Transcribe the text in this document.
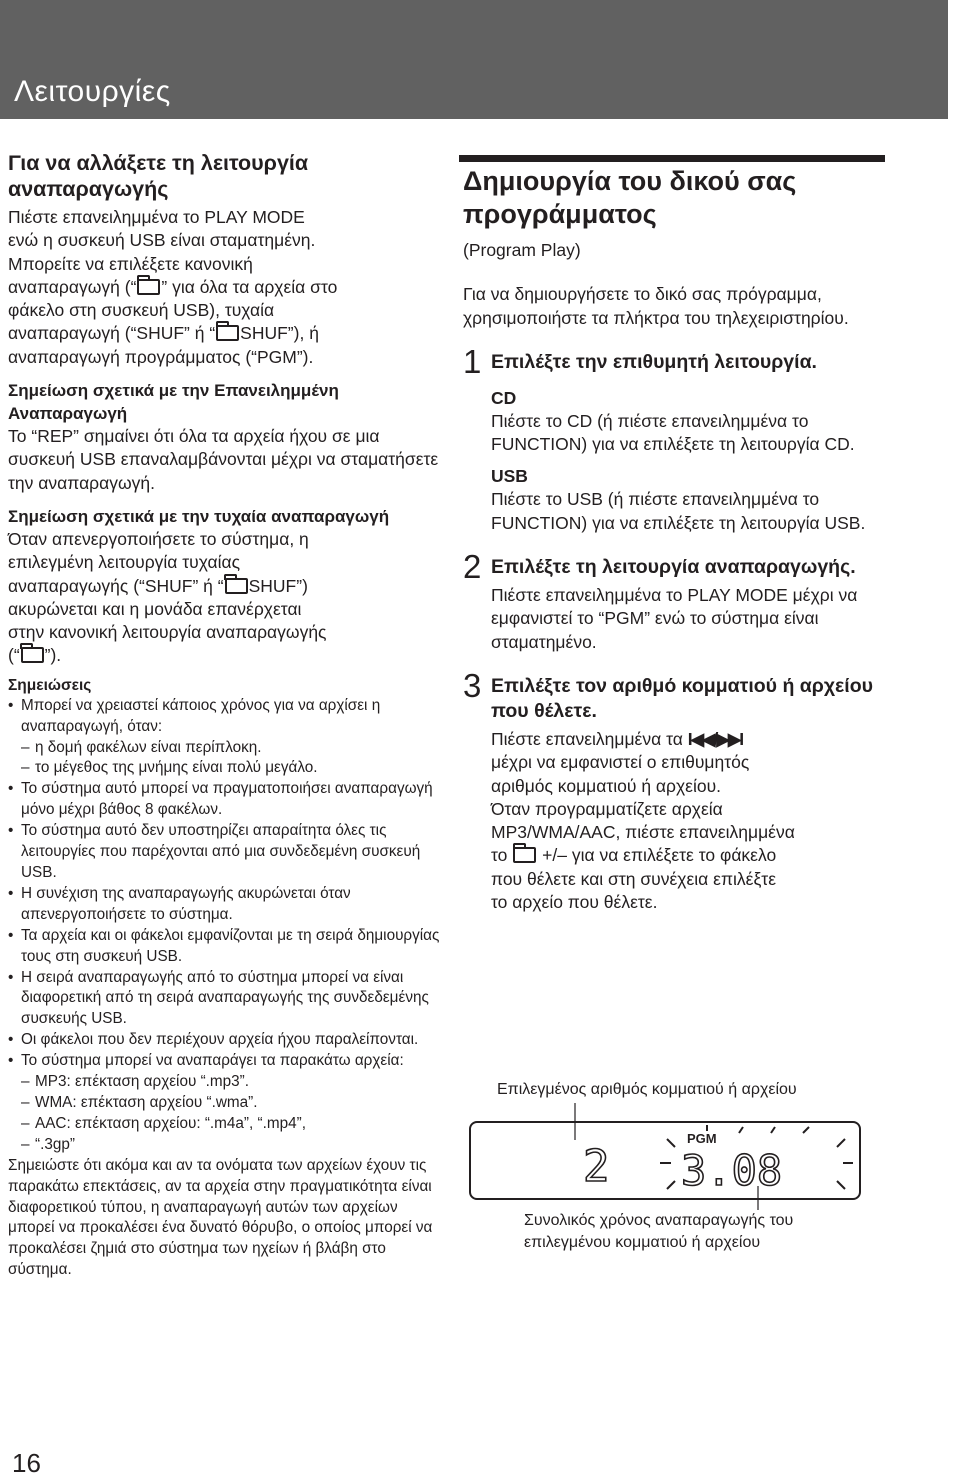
Λειτουργίες
Για να αλλάξετε τη λειτουργία αναπαραγωγής
Πιέστε επανειλημμένα το PLAY MODE
ενώ η συσκευή USB είναι σταματημένη.
Μπορείτε να επιλέξετε κανονική
αναπαραγωγή (“ ” για όλα τα αρχεία στο
φάκελο στη συσκευή USB), τυχαία
αναπαραγωγή (“SHUF” ή “ SHUF”), ή
αναπαραγωγή προγράμματος (“PGM”).
Σημείωση σχετικά με την Επανειλημμένη Αναπαραγωγή
Το “REP” σημαίνει ότι όλα τα αρχεία ήχου σε μια συσκευή USB επαναλαμβάνονται μέχρι να σταματήσετε την αναπαραγωγή.
Σημείωση σχετικά με την τυχαία αναπαραγωγή
Όταν απενεργοποιήσετε το σύστημα, η
επιλεγμένη λειτουργία τυχαίας
αναπαραγωγής (“SHUF” ή “ SHUF”)
ακυρώνεται και η μονάδα επανέρχεται
στην κανονική λειτουργία αναπαραγωγής
(“ ”).
Σημειώσεις
• Μπορεί να χρειαστεί κάποιος χρόνος για να αρχίσει η αναπαραγωγή, όταν:
– η δομή φακέλων είναι περίπλοκη.
– το μέγεθος της μνήμης είναι πολύ μεγάλο.
• Το σύστημα αυτό μπορεί να πραγματοποιήσει αναπαραγωγή μόνο μέχρι βάθος 8 φακέλων.
• Το σύστημα αυτό δεν υποστηρίζει απαραίτητα όλες τις λειτουργίες που παρέχονται από μια συνδεδεμένη συσκευή USB.
• Η συνέχιση της αναπαραγωγής ακυρώνεται όταν απενεργοποιήσετε το σύστημα.
• Τα αρχεία και οι φάκελοι εμφανίζονται με τη σειρά δημιουργίας τους στη συσκευή USB.
• Η σειρά αναπαραγωγής από το σύστημα μπορεί να είναι διαφορετική από τη σειρά αναπαραγωγής της συνδεδεμένης συσκευής USB.
• Οι φάκελοι που δεν περιέχουν αρχεία ήχου παραλείπονται.
• Το σύστημα μπορεί να αναπαράγει τα παρακάτω αρχεία:
– MP3: επέκταση αρχείου “.mp3”.
– WMA: επέκταση αρχείου “.wma”.
– AAC: επέκταση αρχείου: “.m4a”, “.mp4”,
– “.3gp”
Σημειώστε ότι ακόμα και αν τα ονόματα των αρχείων έχουν τις παρακάτω επεκτάσεις, αν τα αρχεία στην πραγματικότητα είναι διαφορετικού τύπου, η αναπαραγωγή αυτών των αρχείων μπορεί να προκαλέσει ένα δυνατό θόρυβο, ο οποίος μπορεί να προκαλέσει ζημιά στο σύστημα των ηχείων ή βλάβη στο σύστημα.
Δημιουργία του δικού σας προγράμματος
(Program Play)
Για να δημιουργήσετε το δικό σας πρόγραμμα, χρησιμοποιήστε τα πλήκτρα του τηλεχειριστηρίου.
1 Επιλέξτε την επιθυμητή λειτουργία.
CD
Πιέστε το CD (ή πιέστε επανειλημμένα το FUNCTION) για να επιλέξετε τη λειτουργία CD.
USB
Πιέστε το USB (ή πιέστε επανειλημμένα το FUNCTION) για να επιλέξετε τη λειτουργία USB.
2 Επιλέξτε τη λειτουργία αναπαραγωγής.
Πιέστε επανειλημμένα το PLAY MODE μέχρι να εμφανιστεί το “PGM” ενώ το σύστημα είναι σταματημένο.
3 Επιλέξτε τον αριθμό κομματιού ή αρχείου που θέλετε.
Πιέστε επανειλημμένα τα I◀◀/▶▶I
μέχρι να εμφανιστεί ο επιθυμητός
αριθμός κομματιού ή αρχείου.
Όταν προγραμματίζετε αρχεία
MP3/WMA/AAC, πιέστε επανειλημμένα
το +/– για να επιλέξετε το φάκελο
που θέλετε και στη συνέχεια επιλέξτε
το αρχείο που θέλετε.
Επιλεγμένος αριθμός κομματιού ή αρχείου
2
PGM
3.08
Συνολικός χρόνος αναπαραγωγής του επιλεγμένου κομματιού ή αρχείου
16
